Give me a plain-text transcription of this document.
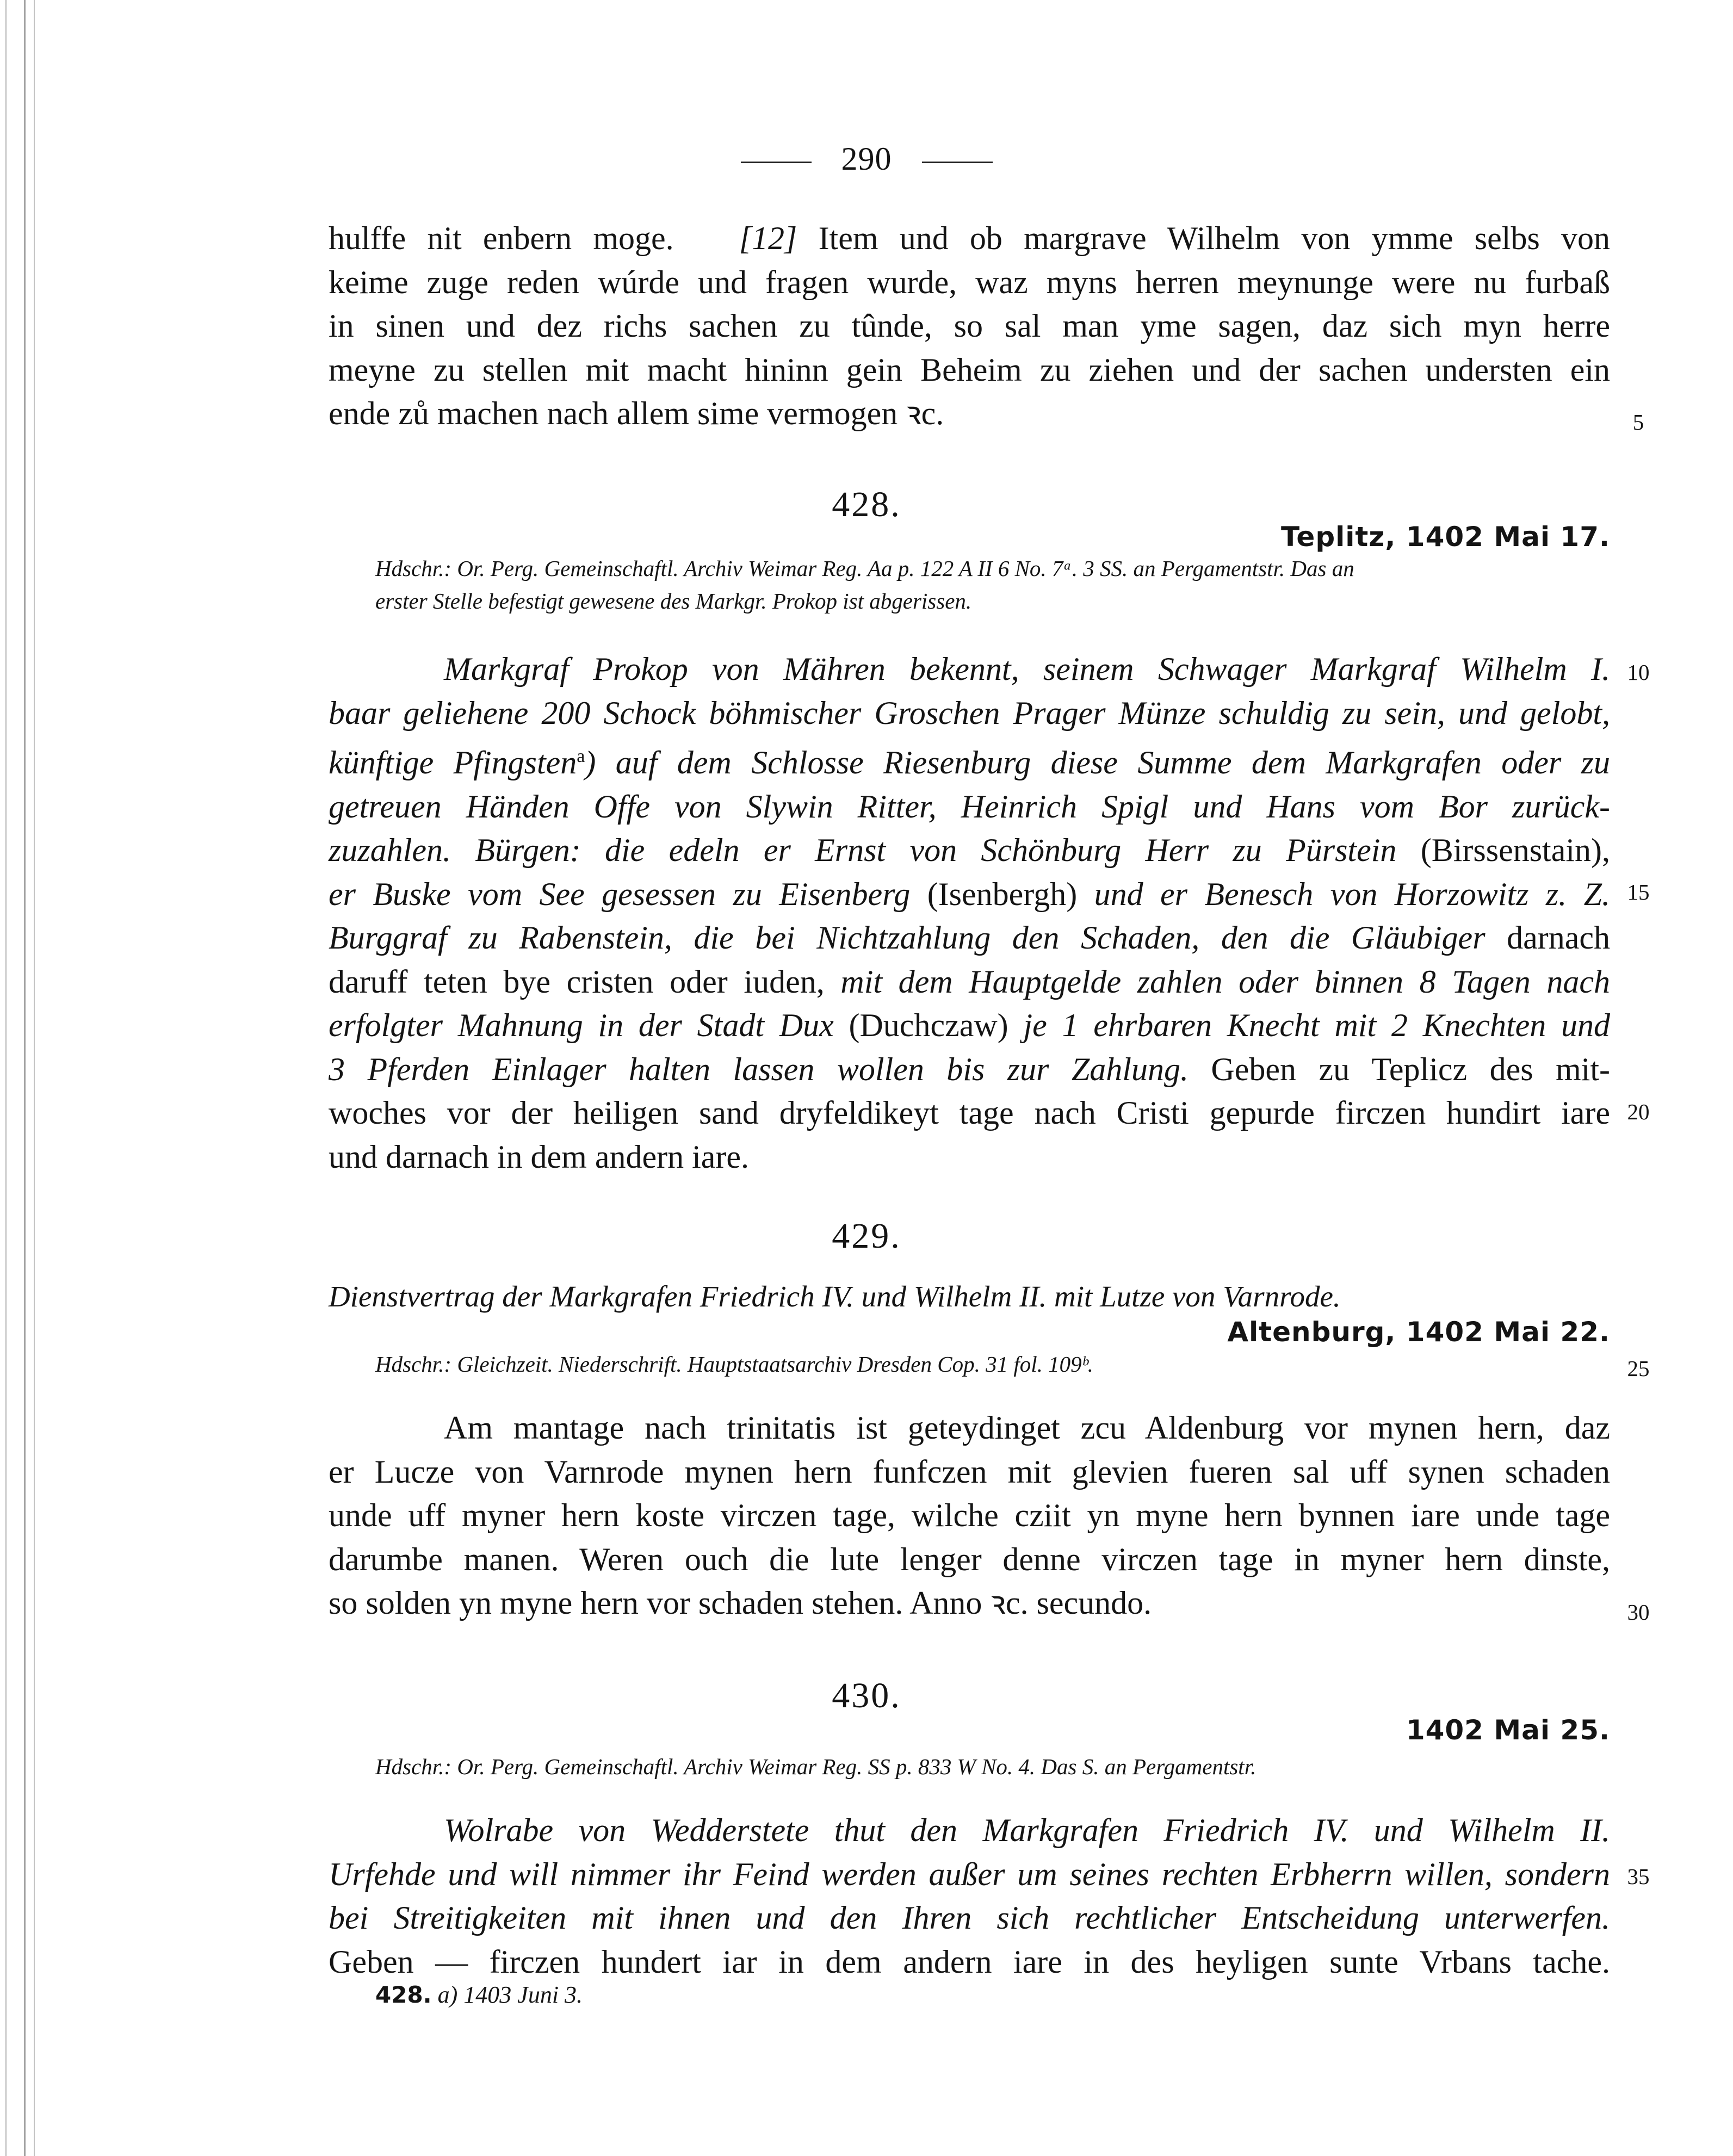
290

hulffe nit enbern moge.   [12] Item und ob margrave Wilhelm von ymme selbs von
keime zuge reden wúrde und fragen wurde, waz myns herren meynunge were nu furbaß
in sinen und dez richs sachen zu tûnde, so sal man yme sagen, daz sich myn herre
meyne zu stellen mit macht hininn gein Beheim zu ziehen und der sachen understen ein
ende zů machen nach allem sime vermogen ꝛc.

428.
Teplitz, 1402 Mai 17.

Hdschr.: Or. Perg. Gemeinschaftl. Archiv Weimar Reg. Aa p. 122 A II 6 No. 7ᵃ. 3 SS. an Pergamentstr. Das an
erster Stelle befestigt gewesene des Markgr. Prokop ist abgerissen.

Markgraf Prokop von Mähren bekennt, seinem Schwager Markgraf Wilhelm I.
baar geliehene 200 Schock böhmischer Groschen Prager Münze schuldig zu sein, und gelobt,
künftige Pfingsten$^a$) auf dem Schlosse Riesenburg diese Summe dem Markgrafen oder zu
getreuen Händen Offe von Slywin Ritter, Heinrich Spigl und Hans vom Bor zurück-
zuzahlen. Bürgen: die edeln er Ernst von Schönburg Herr zu Pürstein (Birssenstain),
er Buske vom See gesessen zu Eisenberg (Isenbergh) und er Benesch von Horzowitz z. Z.
Burggraf zu Rabenstein, die bei Nichtzahlung den Schaden, den die Gläubiger darnach
daruff teten bye cristen oder iuden, mit dem Hauptgelde zahlen oder binnen 8 Tagen nach
erfolgter Mahnung in der Stadt Dux (Duchczaw) je 1 ehrbaren Knecht mit 2 Knechten und
3 Pferden Einlager halten lassen wollen bis zur Zahlung. Geben zu Teplicz des mit-
woches vor der heiligen sand dryfeldikeyt tage nach Cristi gepurde firczen hundirt iare
und darnach in dem andern iare.

429.
Dienstvertrag der Markgrafen Friedrich IV. und Wilhelm II. mit Lutze von Varnrode.
Altenburg, 1402 Mai 22.

Hdschr.: Gleichzeit. Niederschrift. Hauptstaatsarchiv Dresden Cop. 31 fol. 109ᵇ.

Am mantage nach trinitatis ist geteydinget zcu Aldenburg vor mynen hern, daz
er Lucze von Varnrode mynen hern funfczen mit glevien fueren sal uff synen schaden
unde uff myner hern koste virczen tage, wilche cziit yn myne hern bynnen iare unde tage
darumbe manen. Weren ouch die lute lenger denne virczen tage in myner hern dinste,
so solden yn myne hern vor schaden stehen. Anno ꝛc. secundo.

430.
1402 Mai 25.

Hdschr.: Or. Perg. Gemeinschaftl. Archiv Weimar Reg. SS p. 833 W No. 4. Das S. an Pergamentstr.

Wolrabe von Wedderstete thut den Markgrafen Friedrich IV. und Wilhelm II.
Urfehde und will nimmer ihr Feind werden außer um seines rechten Erbherrn willen, sondern
bei Streitigkeiten mit ihnen und den Ihren sich rechtlicher Entscheidung unterwerfen.
Geben — firczen hundert iar in dem andern iare in des heyligen sunte Vrbans tache.

5
10
15
20
25
30
35
428. a) 1403 Juni 3.
